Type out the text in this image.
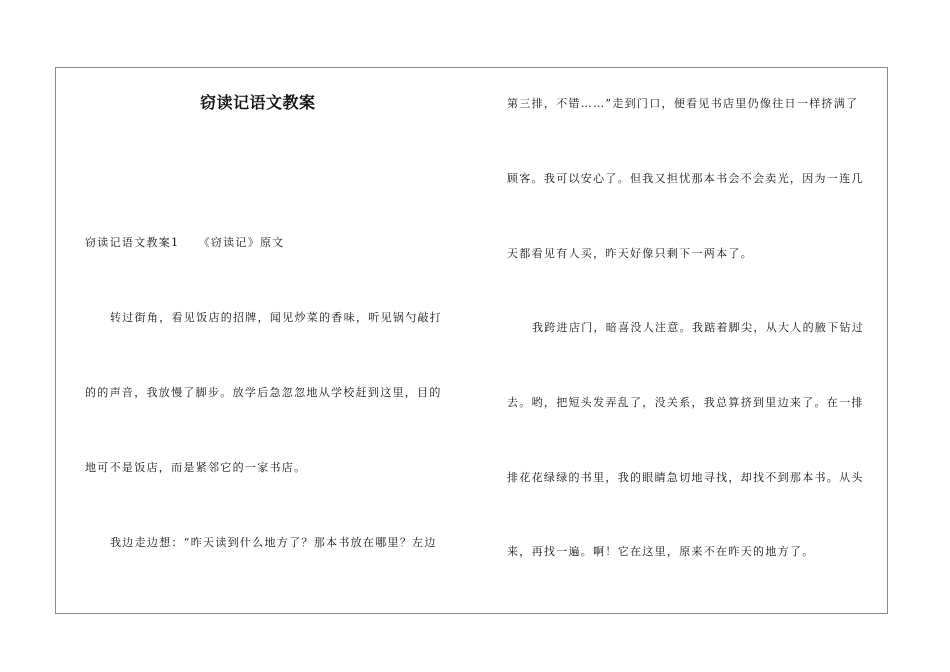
窃读记语文教案
窃读记语文教案1　　《窃读记》原文
转过街角，看见饭店的招牌，闻见炒菜的香味，听见锅勺敲打
的的声音，我放慢了脚步。放学后急忽忽地从学校赶到这里，目的
地可不是饭店，而是紧邻它的一家书店。
我边走边想：“昨天读到什么地方了？那本书放在哪里？左边
第三排，不错……”走到门口，便看见书店里仍像往日一样挤满了
顾客。我可以安心了。但我又担忧那本书会不会卖光，因为一连几
天都看见有人买，昨天好像只剩下一两本了。
我跨进店门，暗喜没人注意。我踮着脚尖，从大人的腋下钻过
去。哟，把短头发弄乱了，没关系，我总算挤到里边来了。在一排
排花花绿绿的书里，我的眼睛急切地寻找，却找不到那本书。从头
来，再找一遍。啊！它在这里，原来不在昨天的地方了。
